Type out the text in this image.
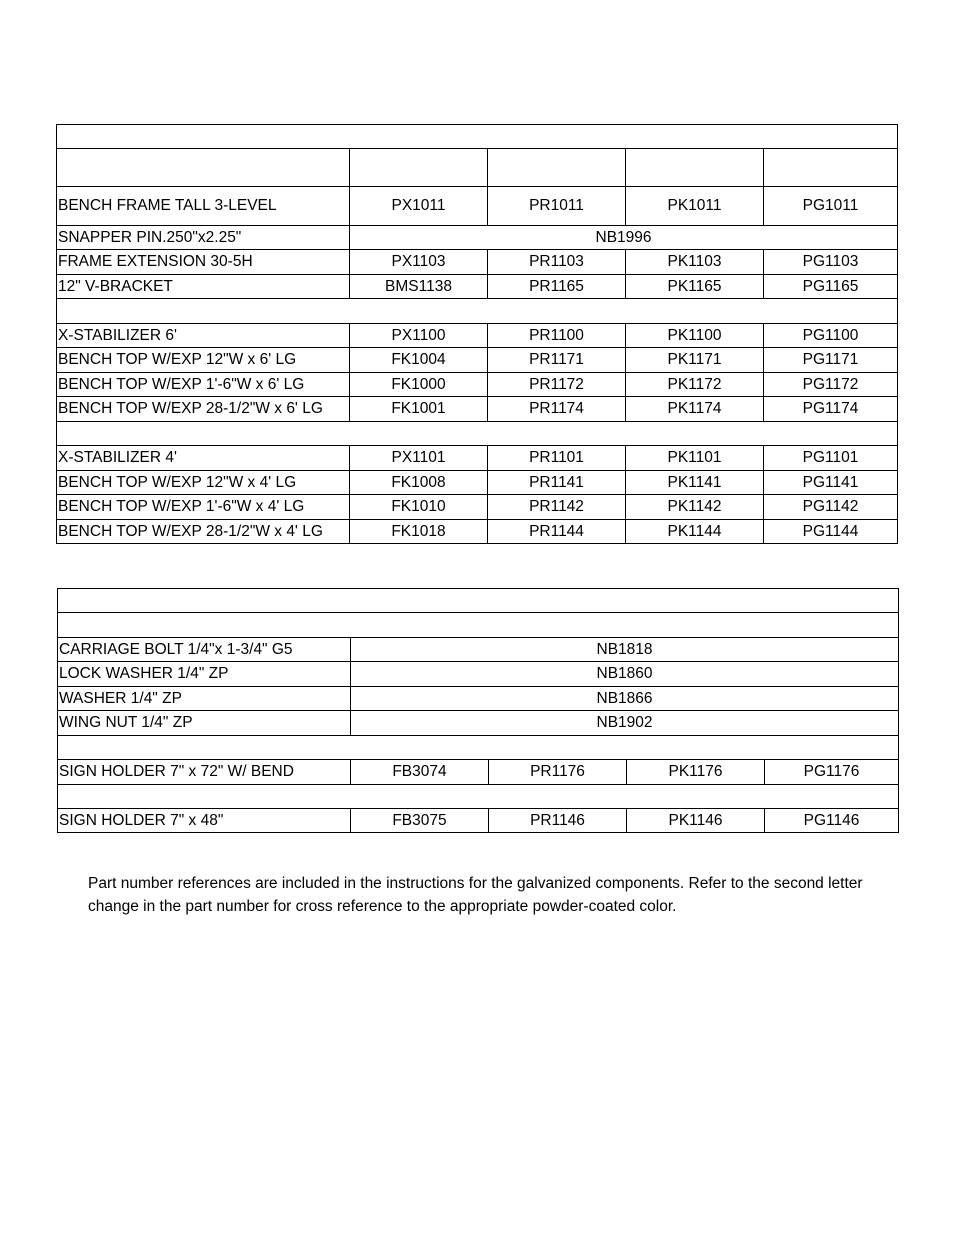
BENCH FRAME TALL 3-LEVEL	PX1011	PR1011	PK1011	PG1011
SNAPPER PIN.250"x2.25"	NB1996			
FRAME EXTENSION 30-5H	PX1103	PR1103	PK1103	PG1103
12" V-BRACKET	BMS1138	PR1165	PK1165	PG1165

X-STABILIZER 6'	PX1100	PR1100	PK1100	PG1100
BENCH TOP W/EXP 12"W x 6' LG	FK1004	PR1171	PK1171	PG1171
BENCH TOP W/EXP 1'-6"W x 6' LG	FK1000	PR1172	PK1172	PG1172
BENCH TOP W/EXP 28-1/2"W x 6' LG	FK1001	PR1174	PK1174	PG1174

X-STABILIZER 4'	PX1101	PR1101	PK1101	PG1101
BENCH TOP W/EXP 12"W x 4' LG	FK1008	PR1141	PK1141	PG1141
BENCH TOP W/EXP 1'-6"W x 4' LG	FK1010	PR1142	PK1142	PG1142
BENCH TOP W/EXP 28-1/2"W x 4' LG	FK1018	PR1144	PK1144	PG1144

CARRIAGE BOLT 1/4"x 1-3/4" G5	NB1818			
LOCK WASHER 1/4" ZP	NB1860			
WASHER 1/4" ZP	NB1866			
WING NUT 1/4" ZP	NB1902			

SIGN HOLDER 7" x 72" W/ BEND	FB3074	PR1176	PK1176	PG1176

SIGN HOLDER 7" x 48"	FB3075	PR1146	PK1146	PG1146
Part number references are included in the instructions for the galvanized components. Refer to the second letter change in the part number for cross reference to the appropriate powder-coated color.
